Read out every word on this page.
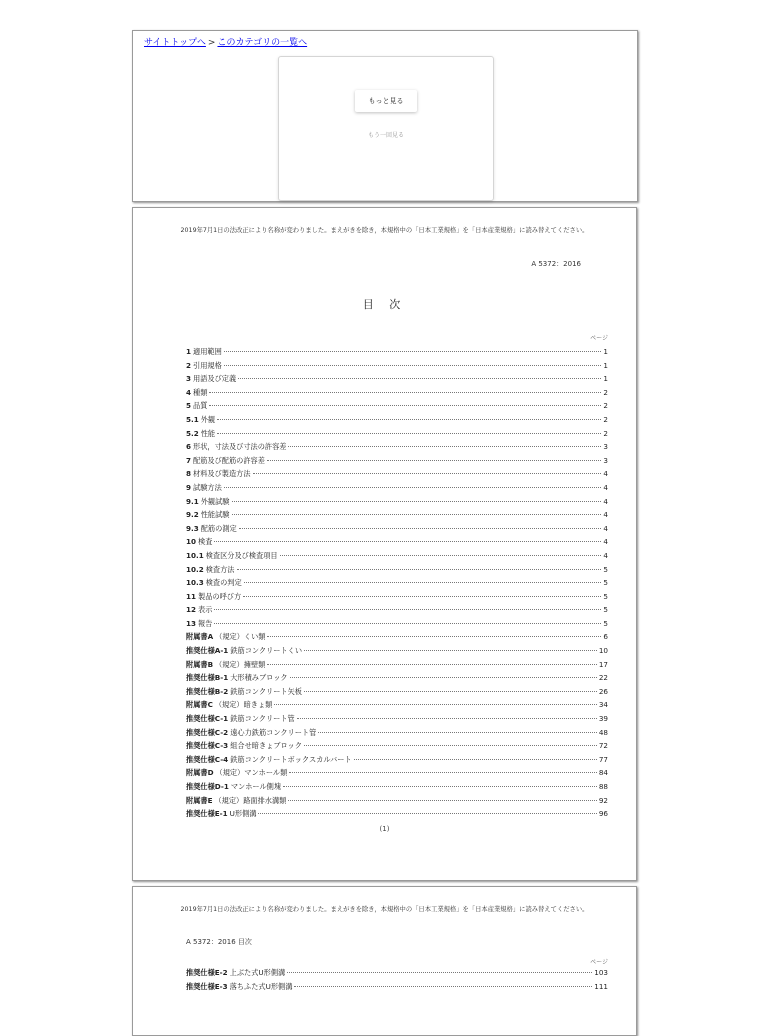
サイトトップへ > このカテゴリの一覧へ
もっと見る
もう一回見る
2019年7月1日の法改正により名称が変わりました。まえがきを除き，本規格中の「日本工業規格」を「日本産業規格」に読み替えてください。
A 5372：2016
目 次
ページ
1 適用範囲	1
2 引用規格	1
3 用語及び定義	1
4 種類	2
5 品質	2
5.1 外観	2
5.2 性能	2
6 形状，寸法及び寸法の許容差	3
7 配筋及び配筋の許容差	3
8 材料及び製造方法	4
9 試験方法	4
9.1 外観試験	4
9.2 性能試験	4
9.3 配筋の測定	4
10 検査	4
10.1 検査区分及び検査項目	4
10.2 検査方法	5
10.3 検査の判定	5
11 製品の呼び方	5
12 表示	5
13 報告	5
附属書A （規定）くい類	6
推奨仕様A-1 鉄筋コンクリートくい	10
附属書B （規定）擁壁類	17
推奨仕様B-1 大形積みブロック	22
推奨仕様B-2 鉄筋コンクリート矢板	26
附属書C （規定）暗きょ類	34
推奨仕様C-1 鉄筋コンクリート管	39
推奨仕様C-2 遠心力鉄筋コンクリート管	48
推奨仕様C-3 組合せ暗きょブロック	72
推奨仕様C-4 鉄筋コンクリートボックスカルバート	77
附属書D （規定）マンホール類	84
推奨仕様D-1 マンホール側塊	88
附属書E （規定）路面排水溝類	92
推奨仕様E-1 U形側溝	96
(1)
2019年7月1日の法改正により名称が変わりました。まえがきを除き，本規格中の「日本工業規格」を「日本産業規格」に読み替えてください。
A 5372：2016 目次
ページ
推奨仕様E-2 上ぶた式U形側溝	103
推奨仕様E-3 落ちふた式U形側溝	111
